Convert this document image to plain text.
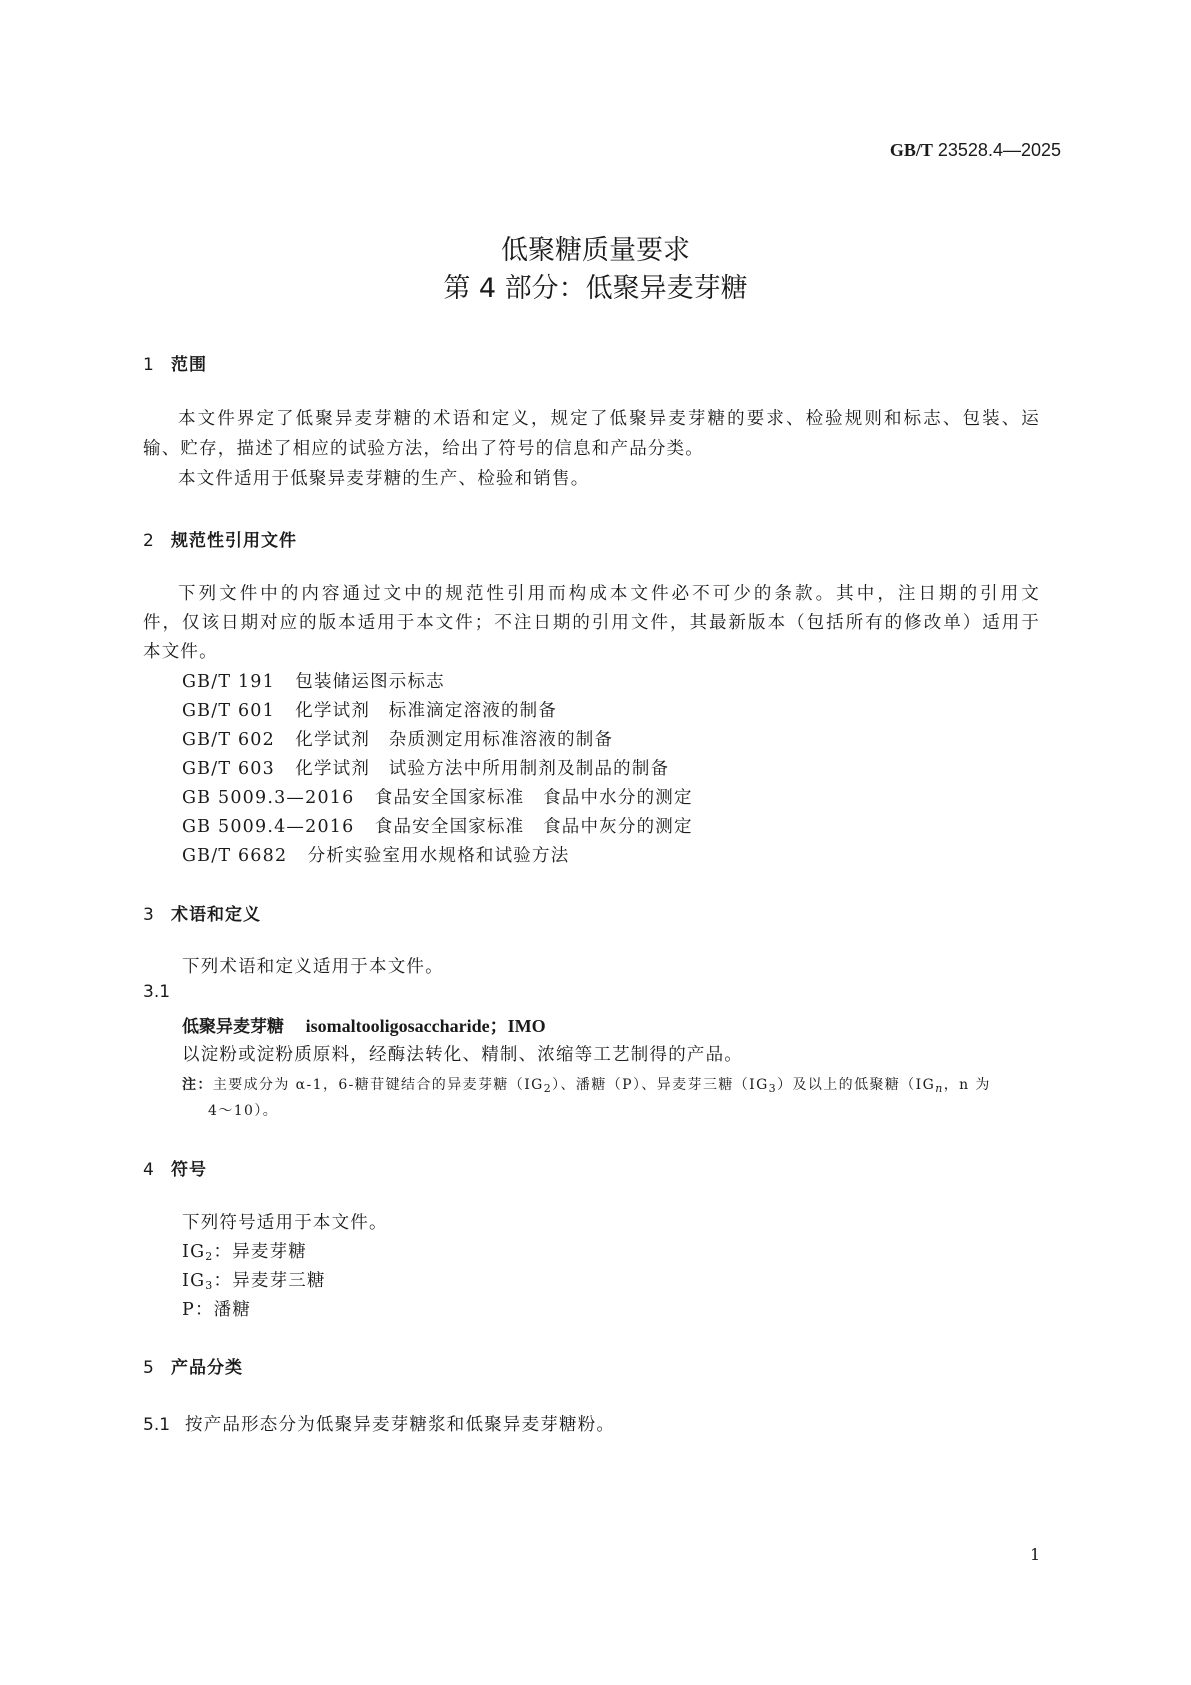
GB/T 23528.4—2025
低聚糖质量要求
第 4 部分：低聚异麦芽糖
1 范围
本文件界定了低聚异麦芽糖的术语和定义，规定了低聚异麦芽糖的要求、检验规则和标志、包装、运
输、贮存，描述了相应的试验方法，给出了符号的信息和产品分类。
本文件适用于低聚异麦芽糖的生产、检验和销售。
2 规范性引用文件
下列文件中的内容通过文中的规范性引用而构成本文件必不可少的条款。其中，注日期的引用文
件，仅该日期对应的版本适用于本文件；不注日期的引用文件，其最新版本（包括所有的修改单）适用于
本文件。
GB/T 191 包装储运图示标志
GB/T 601 化学试剂　标准滴定溶液的制备
GB/T 602 化学试剂　杂质测定用标准溶液的制备
GB/T 603 化学试剂　试验方法中所用制剂及制品的制备
GB 5009.3—2016 食品安全国家标准　食品中水分的测定
GB 5009.4—2016 食品安全国家标准　食品中灰分的测定
GB/T 6682 分析实验室用水规格和试验方法
3 术语和定义
下列术语和定义适用于本文件。
3.1
低聚异麦芽糖 isomaltooligosaccharide；IMO
以淀粉或淀粉质原料，经酶法转化、精制、浓缩等工艺制得的产品。
注：主要成分为 α-1，6-糖苷键结合的异麦芽糖$(IG_2)$、潘糖（P）、异麦芽三糖$(IG_3)$及以上的低聚糖（$IG_n$，n 为
4～10）。
4 符号
下列符号适用于本文件。
$IG_2$：异麦芽糖
$IG_3$：异麦芽三糖
P：潘糖
5 产品分类
5.1 按产品形态分为低聚异麦芽糖浆和低聚异麦芽糖粉。
1
